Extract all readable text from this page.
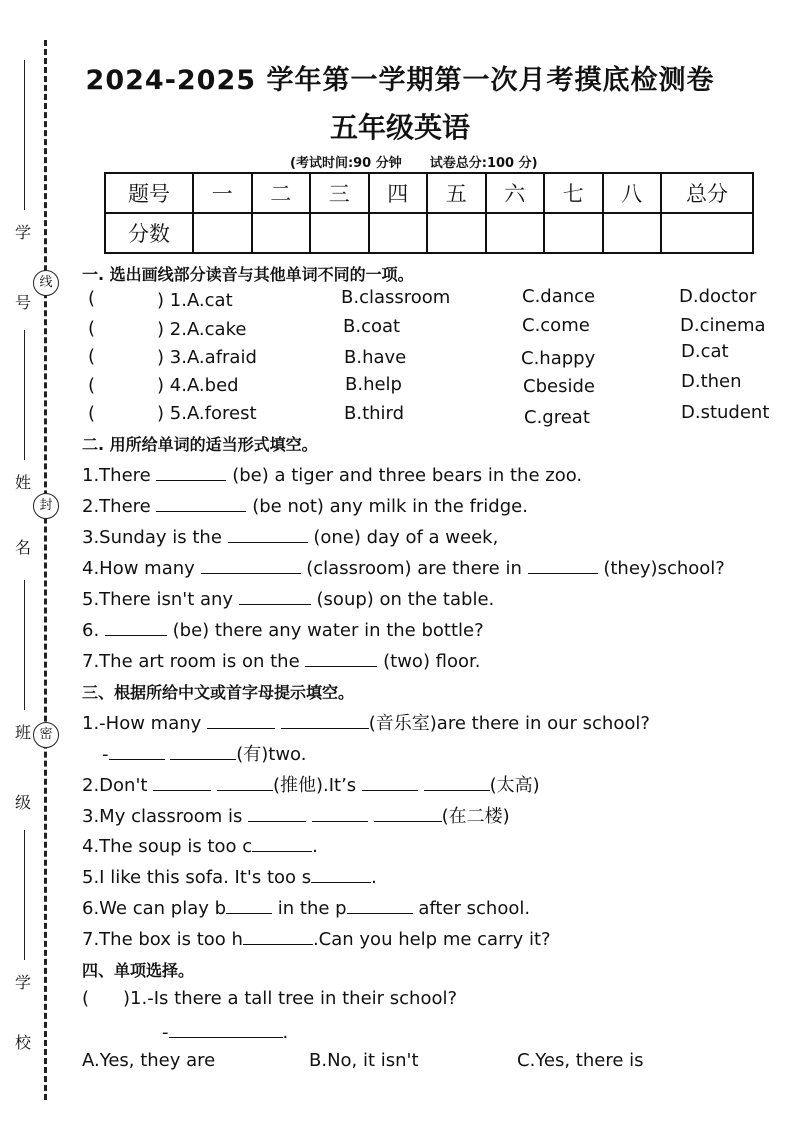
学
号
姓
名
班
级
学
校
线
封
密
2024-2025 学年第一学期第一次月考摸底检测卷
五年级英语
(考试时间:90 分钟 试卷总分:100 分)
题号	一	二	三	四	五	六	七	八	总分
分数									
一. 选出画线部分读音与其他单词不同的一项。
(	) 1.A.cat	B.classroom	C.dance	D.doctor
(	) 2.A.cake	B.coat	C.come	D.cinema
(	) 3.A.afraid	B.have	C.happy	D.cat
(	) 4.A.bed	B.help	Cbeside	D.then
(	) 5.A.forest	B.third	C.great	D.student
二. 用所给单词的适当形式填空。
1.There	(be) a tiger and three bears in the zoo.
2.There	(be not) any milk in the fridge.
3.Sunday is the	(one) day of a week,
4.How many	(classroom) are there in	(they)school?
5.There isn't any	(soup) on the table.
6.	(be) there any water in the bottle?
7.The art room is on the	(two) floor.
三、根据所给中文或首字母提示填空。
1.-How many	(音乐室)are there in our school?
-	(有)two.
2.Don't	(推他).It’s	(太高)
3.My classroom is	(在二楼)
4.The soup is too c	.
5.I like this sofa. It's too s	.
6.We can play b	in the p	after school.
7.The box is too h	.Can you help me carry it?
四、单项选择。
( )1.-Is there a tall tree in their school?
-	.
A.Yes, they are	B.No, it isn't	C.Yes, there is
